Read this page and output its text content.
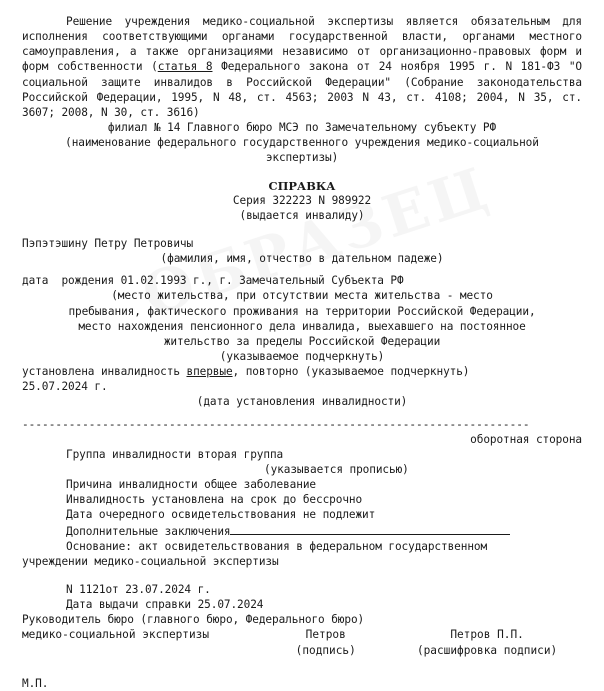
Решение учреждения медико-социальной экспертизы является обязательным для исполнения соответствующими органами государственной власти, органами местного самоуправления, а также организациями независимо от организационно-правовых форм и форм собственности (статья 8 Федерального закона от 24 ноября 1995 г. N 181-ФЗ "О социальной защите инвалидов в Российской Федерации" (Собрание законодательства Российской Федерации, 1995, N 48, ст. 4563; 2003 N 43, ст. 4108; 2004, N 35, ст. 3607; 2008, N 30, ст. 3616)

филиал № 14 Главного бюро МСЭ по Замечательному субъекту РФ
(наименование федерального государственного учреждения медико-социальной
экспертизы)
СПРАВКА
Серия 322223 N 989922
(выдается инвалиду)
Пэпэтэшину Петру Петровичы
(фамилия, имя, отчество в дательном падеже)
дата  рождения 01.02.1993 г., г. Замечательный Субъекта РФ
(место жительства, при отсутствии места жительства - место
пребывания, фактического проживания на территории Российской Федерации,
место нахождения пенсионного дела инвалида, выехавшего на постоянное
жительство за пределы Российской Федерации
(указываемое подчеркнуть)
установлена инвалидность впервые, повторно (указываемое подчеркнуть)
25.07.2024 г.
(дата установления инвалидности)
----------------------------------------------------------------------------
оборотная сторона
Группа инвалидности вторая группа
(указывается прописью)
Причина инвалидности общее заболевание
Инвалидность установлена на срок до бессрочно
Дата очередного освидетельствования не подлежит
Дополнительные заключения
Основание: акт освидетельствования в федеральном государственном
учреждении медико-социальной экспертизы
N 1121от 23.07.2024 г.
Дата выдачи справки 25.07.2024
Руководитель бюро (главного бюро, Федерального бюро)
медико-социальной экспертизы	Петров	Петров П.П.
(подпись)	(расшифровка подписи)
М.П.
